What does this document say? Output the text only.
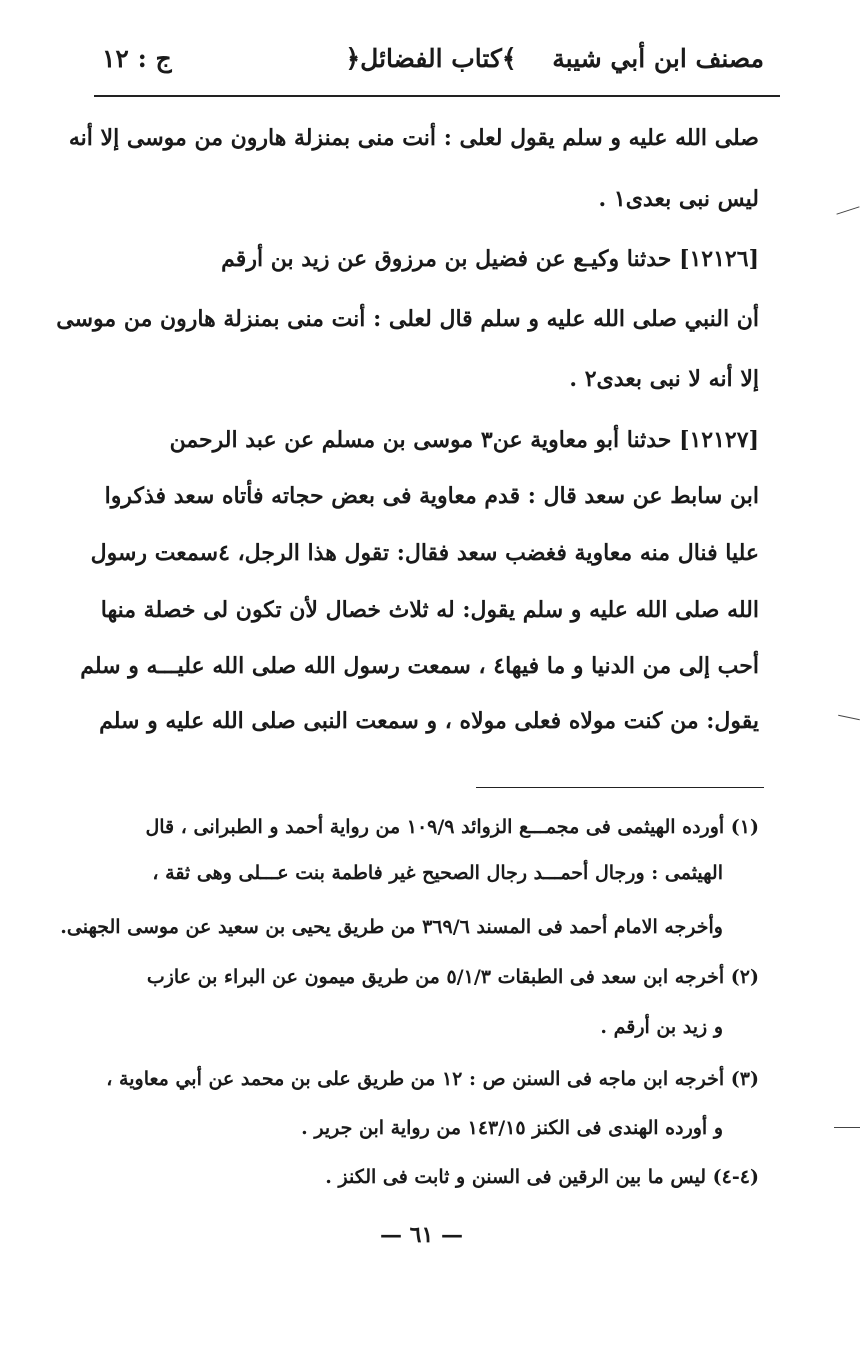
مصنف ابن أبي شيبة
﴿كتاب الفضائل﴾
ج : ١٢
صلى الله عليه و سلم يقول لعلى : أنت منى بمنزلة هارون من موسى إلا أنه
ليس نبى بعدى١ .
[١٢١٢٦] حدثنا وكيـع عن فضيل بن مرزوق عن زيد بن أرقم
أن النبي صلى الله عليه و سلم قال لعلى : أنت منى بمنزلة هارون من موسى
إلا أنه لا نبى بعدى٢ .
[١٢١٢٧] حدثنا أبو معاوية عن٣ موسى بن مسلم عن عبد الرحمن
ابن سابط عن سعد قال : قدم معاوية فى بعض حجاته فأتاه سعد فذكروا
عليا فنال منه معاوية فغضب سعد فقال: تقول هذا الرجل، ٤سمعت رسول
الله صلى الله عليه و سلم يقول: له ثلاث خصال لأن تكون لى خصلة منها
أحب إلى من الدنيا و ما فيها٤ ، سمعت رسول الله صلى الله عليـــه و سلم
يقول: من كنت مولاه فعلى مولاه ، و سمعت النبى صلى الله عليه و سلم
(١) أورده الهيثمى فى مجمـــع الزوائد ١٠٩/٩ من رواية أحمد و الطبرانى ، قال
الهيثمى : ورجال أحمـــد رجال الصحيح غير فاطمة بنت عـــلى وهى ثقة ،
وأخرجه الامام أحمد فى المسند ٣٦٩/٦ من طريق يحيى بن سعيد عن موسى الجهنى.
(٢) أخرجه ابن سعد فى الطبقات ٥/١/٣ من طريق ميمون عن البراء بن عازب
و زيد بن أرقم .
(٣) أخرجه ابن ماجه فى السنن ص : ١٢ من طريق على بن محمد عن أبي معاوية ،
و أورده الهندى فى الكنز ١٤٣/١٥ من رواية ابن جرير .
(٤-٤) ليس ما بين الرقين فى السنن و ثابت فى الكنز .
— ٦١ —
